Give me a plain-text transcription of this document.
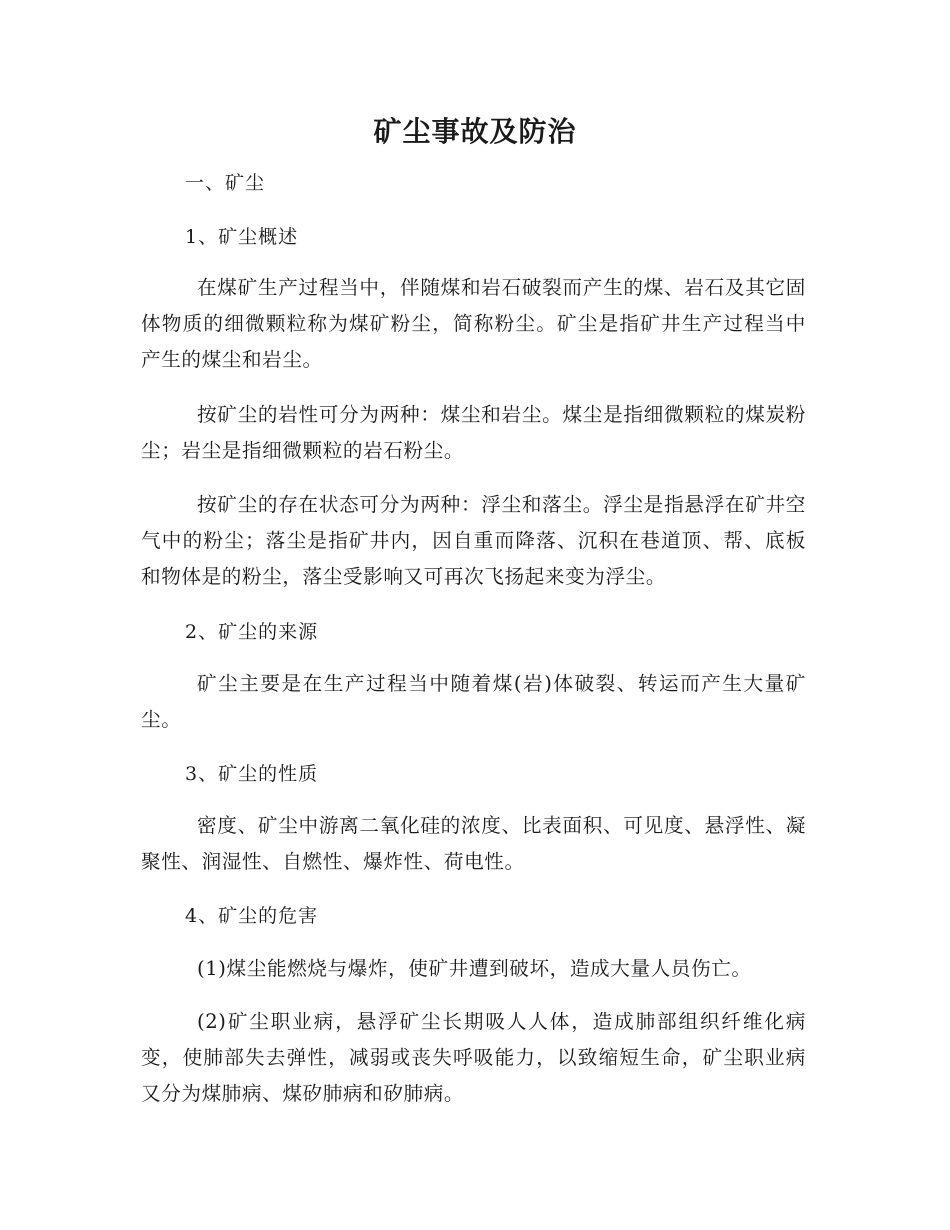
矿尘事故及防治
一、矿尘
1、矿尘概述
在煤矿生产过程当中，伴随煤和岩石破裂而产生的煤、岩石及其它固体物质的细微颗粒称为煤矿粉尘，简称粉尘。矿尘是指矿井生产过程当中产生的煤尘和岩尘。
按矿尘的岩性可分为两种：煤尘和岩尘。煤尘是指细微颗粒的煤炭粉尘；岩尘是指细微颗粒的岩石粉尘。
按矿尘的存在状态可分为两种：浮尘和落尘。浮尘是指悬浮在矿井空气中的粉尘；落尘是指矿井内，因自重而降落、沉积在巷道顶、帮、底板和物体是的粉尘，落尘受影响又可再次飞扬起来变为浮尘。
2、矿尘的来源
矿尘主要是在生产过程当中随着煤(岩)体破裂、转运而产生大量矿尘。
3、矿尘的性质
密度、矿尘中游离二氧化硅的浓度、比表面积、可见度、悬浮性、凝聚性、润湿性、自燃性、爆炸性、荷电性。
4、矿尘的危害
(1)煤尘能燃烧与爆炸，使矿井遭到破坏，造成大量人员伤亡。
(2)矿尘职业病，悬浮矿尘长期吸人人体，造成肺部组织纤维化病变，使肺部失去弹性，减弱或丧失呼吸能力，以致缩短生命，矿尘职业病又分为煤肺病、煤矽肺病和矽肺病。
